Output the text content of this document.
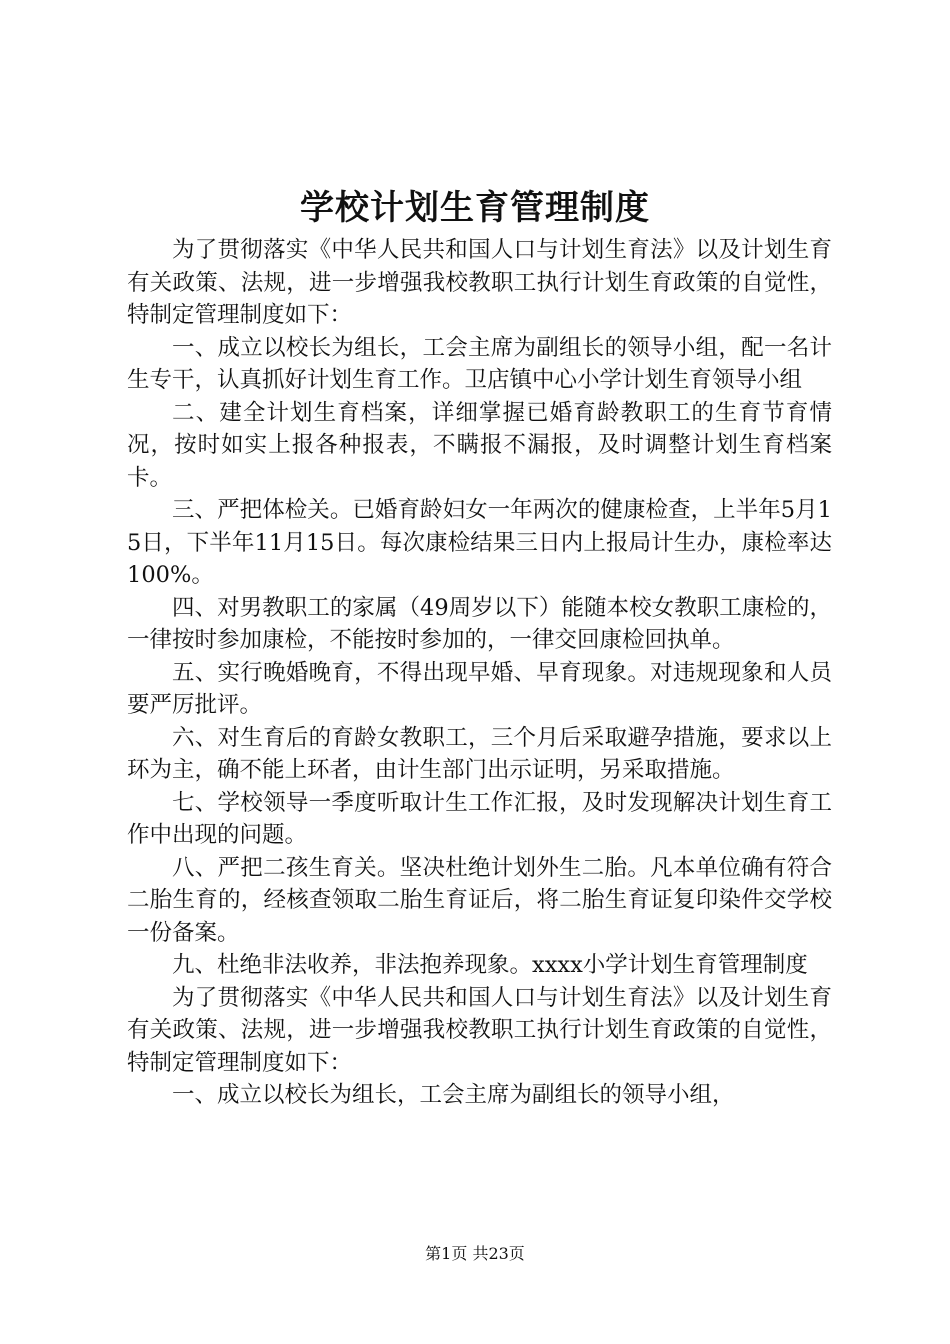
学校计划生育管理制度

为了贯彻落实《中华人民共和国人口与计划生育法》以及计划生育有关政策、法规，进一步增强我校教职工执行计划生育政策的自觉性，特制定管理制度如下：

一、成立以校长为组长，工会主席为副组长的领导小组，配一名计生专干，认真抓好计划生育工作。卫店镇中心小学计划生育领导小组

二、建全计划生育档案，详细掌握已婚育龄教职工的生育节育情况，按时如实上报各种报表，不瞒报不漏报，及时调整计划生育档案卡。

三、严把体检关。已婚育龄妇女一年两次的健康检查，上半年5月15日，下半年11月15日。每次康检结果三日内上报局计生办，康检率达100%。

四、对男教职工的家属（49周岁以下）能随本校女教职工康检的，一律按时参加康检，不能按时参加的，一律交回康检回执单。

五、实行晚婚晚育，不得出现早婚、早育现象。对违规现象和人员要严厉批评。

六、对生育后的育龄女教职工，三个月后采取避孕措施，要求以上环为主，确不能上环者，由计生部门出示证明，另采取措施。

七、学校领导一季度听取计生工作汇报，及时发现解决计划生育工作中出现的问题。

八、严把二孩生育关。坚决杜绝计划外生二胎。凡本单位确有符合二胎生育的，经核查领取二胎生育证后，将二胎生育证复印染件交学校一份备案。

九、杜绝非法收养，非法抱养现象。xxxx小学计划生育管理制度

为了贯彻落实《中华人民共和国人口与计划生育法》以及计划生育有关政策、法规，进一步增强我校教职工执行计划生育政策的自觉性，特制定管理制度如下：

一、成立以校长为组长，工会主席为副组长的领导小组，

第1页 共23页
